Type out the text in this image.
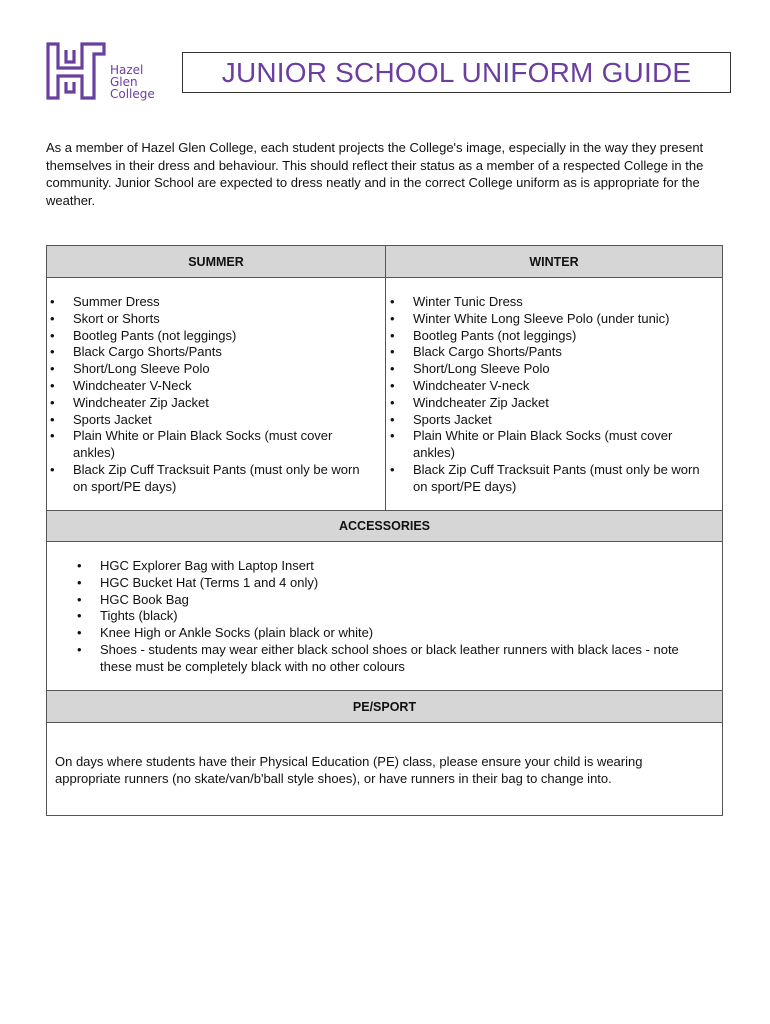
Hazel
Glen
College
JUNIOR SCHOOL UNIFORM GUIDE

As a member of Hazel Glen College, each student projects the College's image, especially in the way they present themselves in their dress and behaviour. This should reflect their status as a member of a respected College in the community. Junior School are expected to dress neatly and in the correct College uniform as is appropriate for the weather.

SUMMER	WINTER
• Summer Dress
• Skort or Shorts
• Bootleg Pants (not leggings)
• Black Cargo Shorts/Pants
• Short/Long Sleeve Polo
• Windcheater V-Neck
• Windcheater Zip Jacket
• Sports Jacket
• Plain White or Plain Black Socks (must cover ankles)
• Black Zip Cuff Tracksuit Pants (must only be worn on sport/PE days)
• Winter Tunic Dress
• Winter White Long Sleeve Polo (under tunic)
• Bootleg Pants (not leggings)
• Black Cargo Shorts/Pants
• Short/Long Sleeve Polo
• Windcheater V-neck
• Windcheater Zip Jacket
• Sports Jacket
• Plain White or Plain Black Socks (must cover ankles)
• Black Zip Cuff Tracksuit Pants (must only be worn on sport/PE days)
ACCESSORIES
• HGC Explorer Bag with Laptop Insert
• HGC Bucket Hat (Terms 1 and 4 only)
• HGC Book Bag
• Tights (black)
• Knee High or Ankle Socks (plain black or white)
• Shoes - students may wear either black school shoes or black leather runners with black laces - note these must be completely black with no other colours
PE/SPORT

On days where students have their Physical Education (PE) class, please ensure your child is wearing appropriate runners (no skate/van/b'ball style shoes), or have runners in their bag to change into.
